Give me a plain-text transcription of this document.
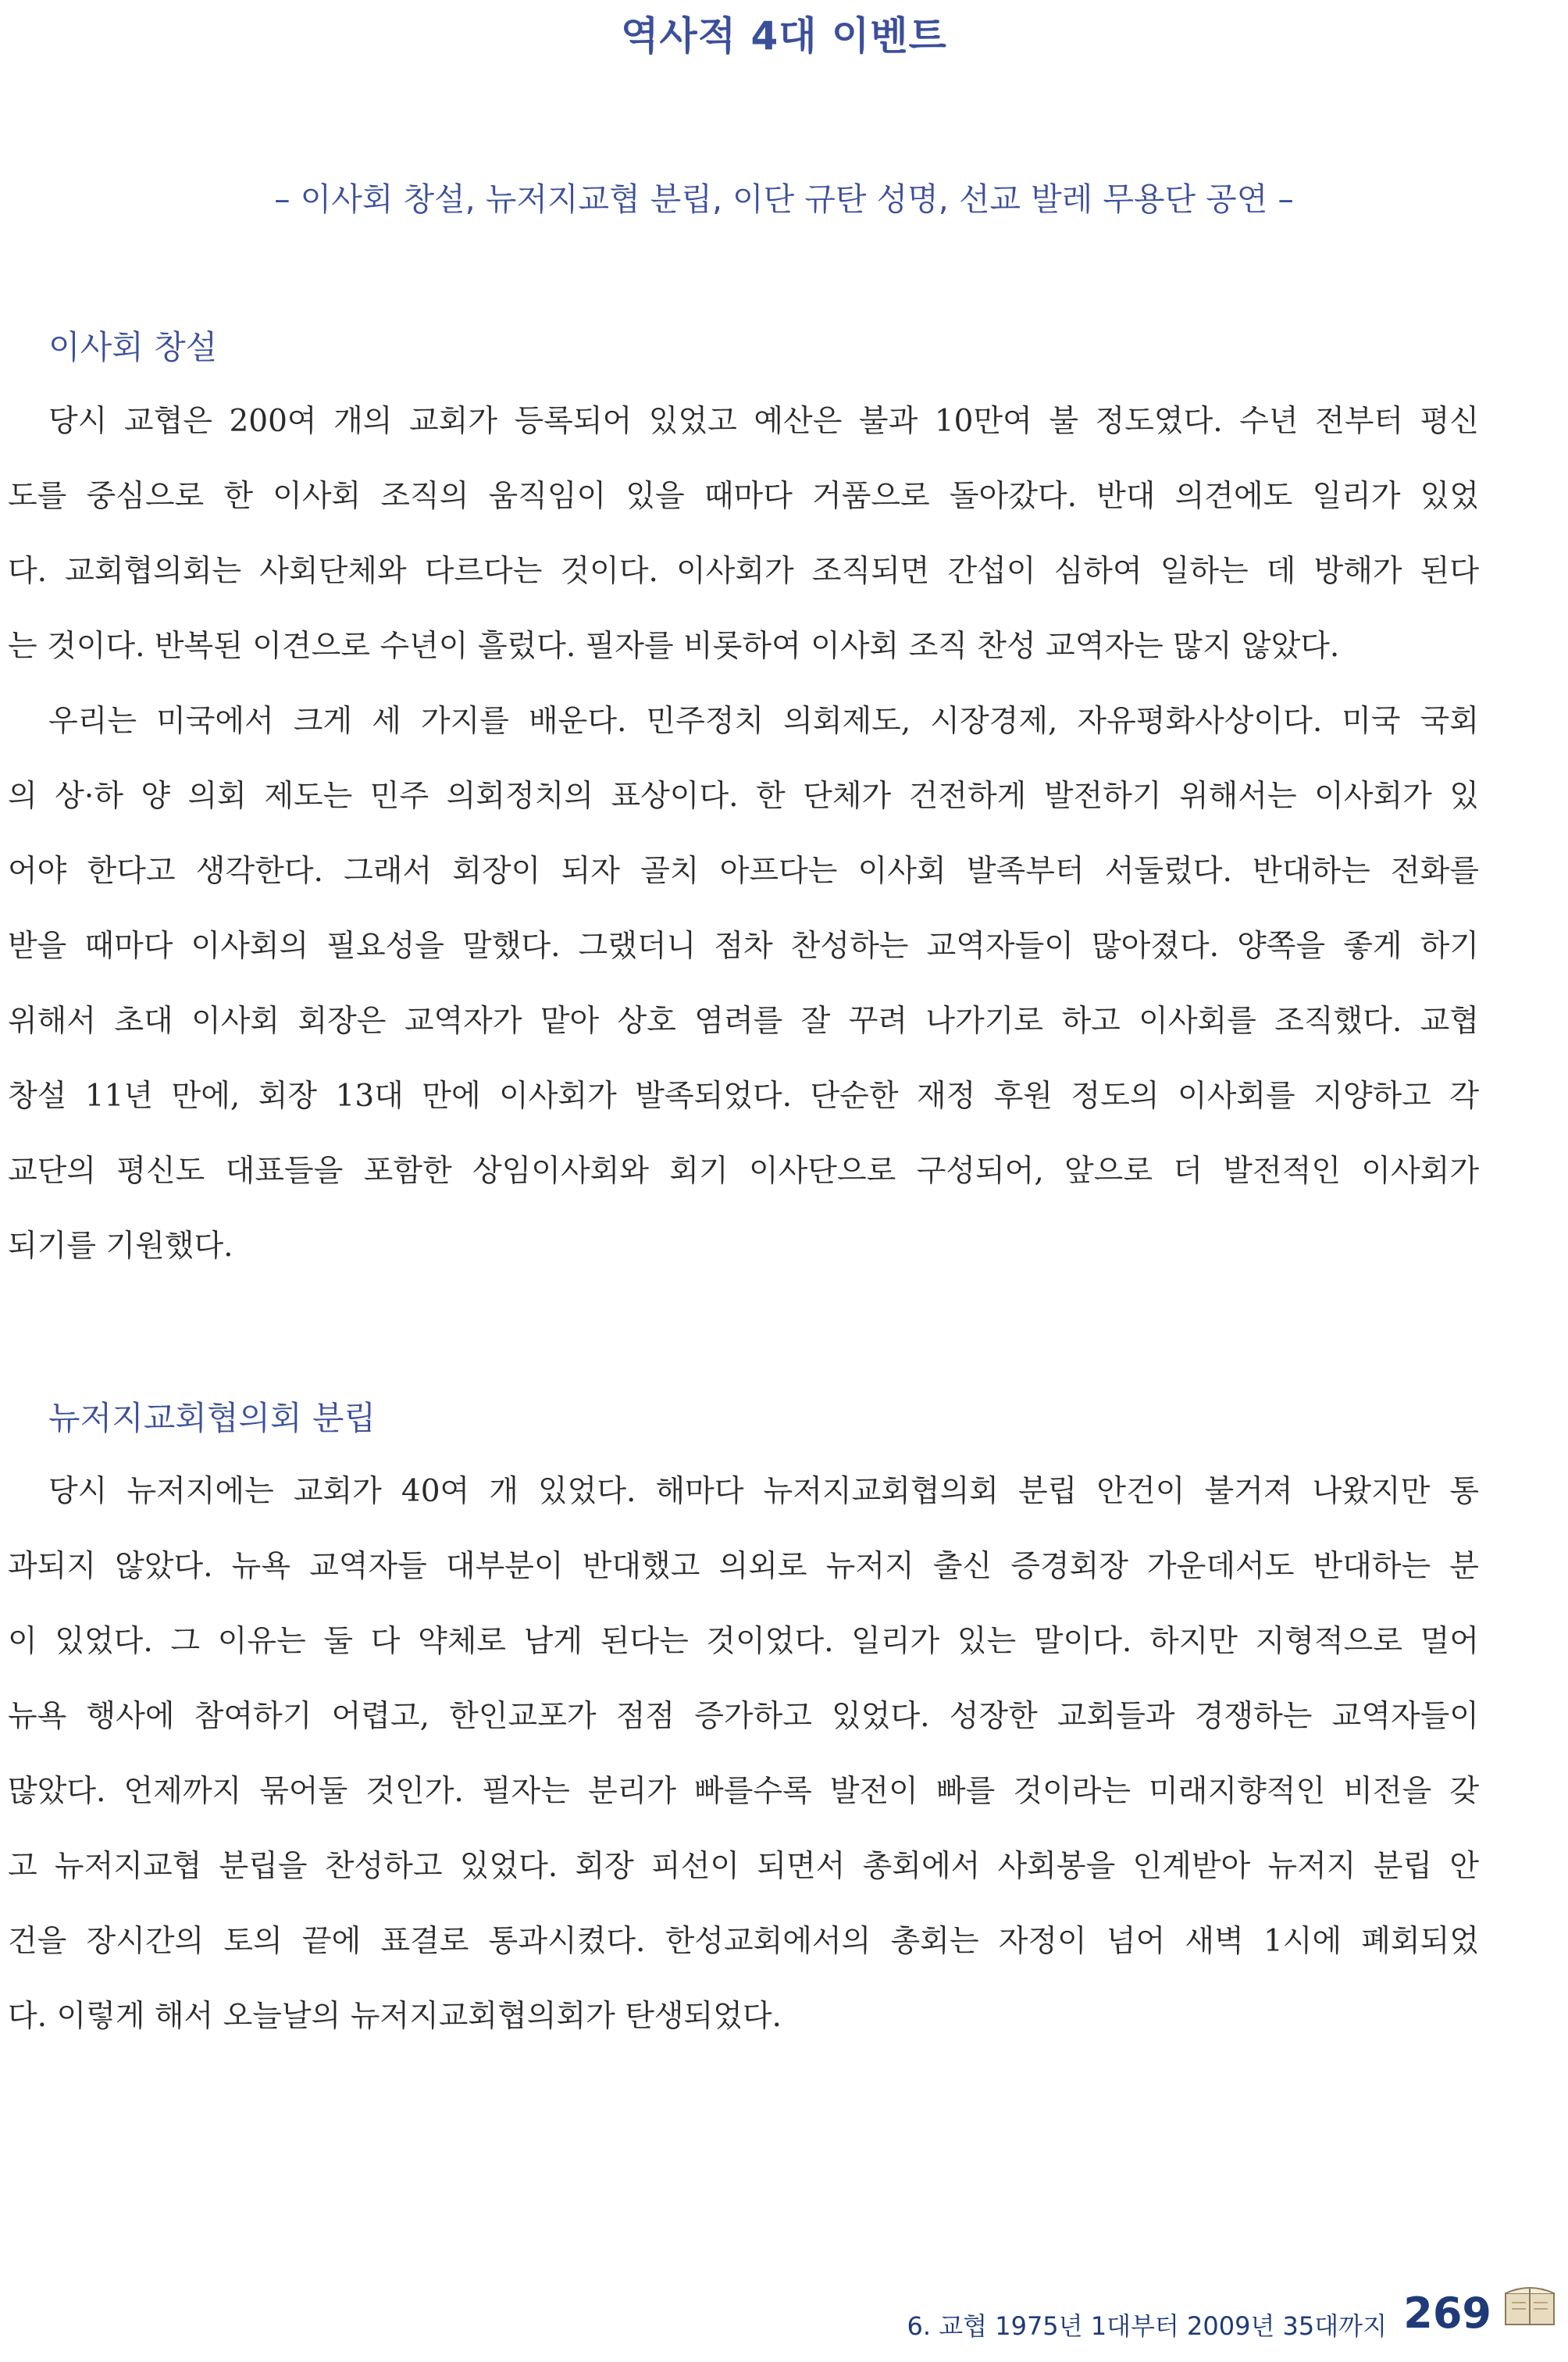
역사적 4대 이벤트
– 이사회 창설, 뉴저지교협 분립, 이단 규탄 성명, 선교 발레 무용단 공연 –
이사회 창설
당시 교협은 200여 개의 교회가 등록되어 있었고 예산은 불과 10만여 불 정도였다. 수년 전부터 평신
도를 중심으로 한 이사회 조직의 움직임이 있을 때마다 거품으로 돌아갔다. 반대 의견에도 일리가 있었
다. 교회협의회는 사회단체와 다르다는 것이다. 이사회가 조직되면 간섭이 심하여 일하는 데 방해가 된다
는 것이다. 반복된 이견으로 수년이 흘렀다. 필자를 비롯하여 이사회 조직 찬성 교역자는 많지 않았다.
우리는 미국에서 크게 세 가지를 배운다. 민주정치 의회제도, 시장경제, 자유평화사상이다. 미국 국회
의 상·하 양 의회 제도는 민주 의회정치의 표상이다. 한 단체가 건전하게 발전하기 위해서는 이사회가 있
어야 한다고 생각한다. 그래서 회장이 되자 골치 아프다는 이사회 발족부터 서둘렀다. 반대하는 전화를
받을 때마다 이사회의 필요성을 말했다. 그랬더니 점차 찬성하는 교역자들이 많아졌다. 양쪽을 좋게 하기
위해서 초대 이사회 회장은 교역자가 맡아 상호 염려를 잘 꾸려 나가기로 하고 이사회를 조직했다. 교협
창설 11년 만에, 회장 13대 만에 이사회가 발족되었다. 단순한 재정 후원 정도의 이사회를 지양하고 각
교단의 평신도 대표들을 포함한 상임이사회와 회기 이사단으로 구성되어, 앞으로 더 발전적인 이사회가
되기를 기원했다.
뉴저지교회협의회 분립
당시 뉴저지에는 교회가 40여 개 있었다. 해마다 뉴저지교회협의회 분립 안건이 불거져 나왔지만 통
과되지 않았다. 뉴욕 교역자들 대부분이 반대했고 의외로 뉴저지 출신 증경회장 가운데서도 반대하는 분
이 있었다. 그 이유는 둘 다 약체로 남게 된다는 것이었다. 일리가 있는 말이다. 하지만 지형적으로 멀어
뉴욕 행사에 참여하기 어렵고, 한인교포가 점점 증가하고 있었다. 성장한 교회들과 경쟁하는 교역자들이
많았다. 언제까지 묶어둘 것인가. 필자는 분리가 빠를수록 발전이 빠를 것이라는 미래지향적인 비전을 갖
고 뉴저지교협 분립을 찬성하고 있었다. 회장 피선이 되면서 총회에서 사회봉을 인계받아 뉴저지 분립 안
건을 장시간의 토의 끝에 표결로 통과시켰다. 한성교회에서의 총회는 자정이 넘어 새벽 1시에 폐회되었
다. 이렇게 해서 오늘날의 뉴저지교회협의회가 탄생되었다.
6. 교협 1975년 1대부터 2009년 35대까지 269
